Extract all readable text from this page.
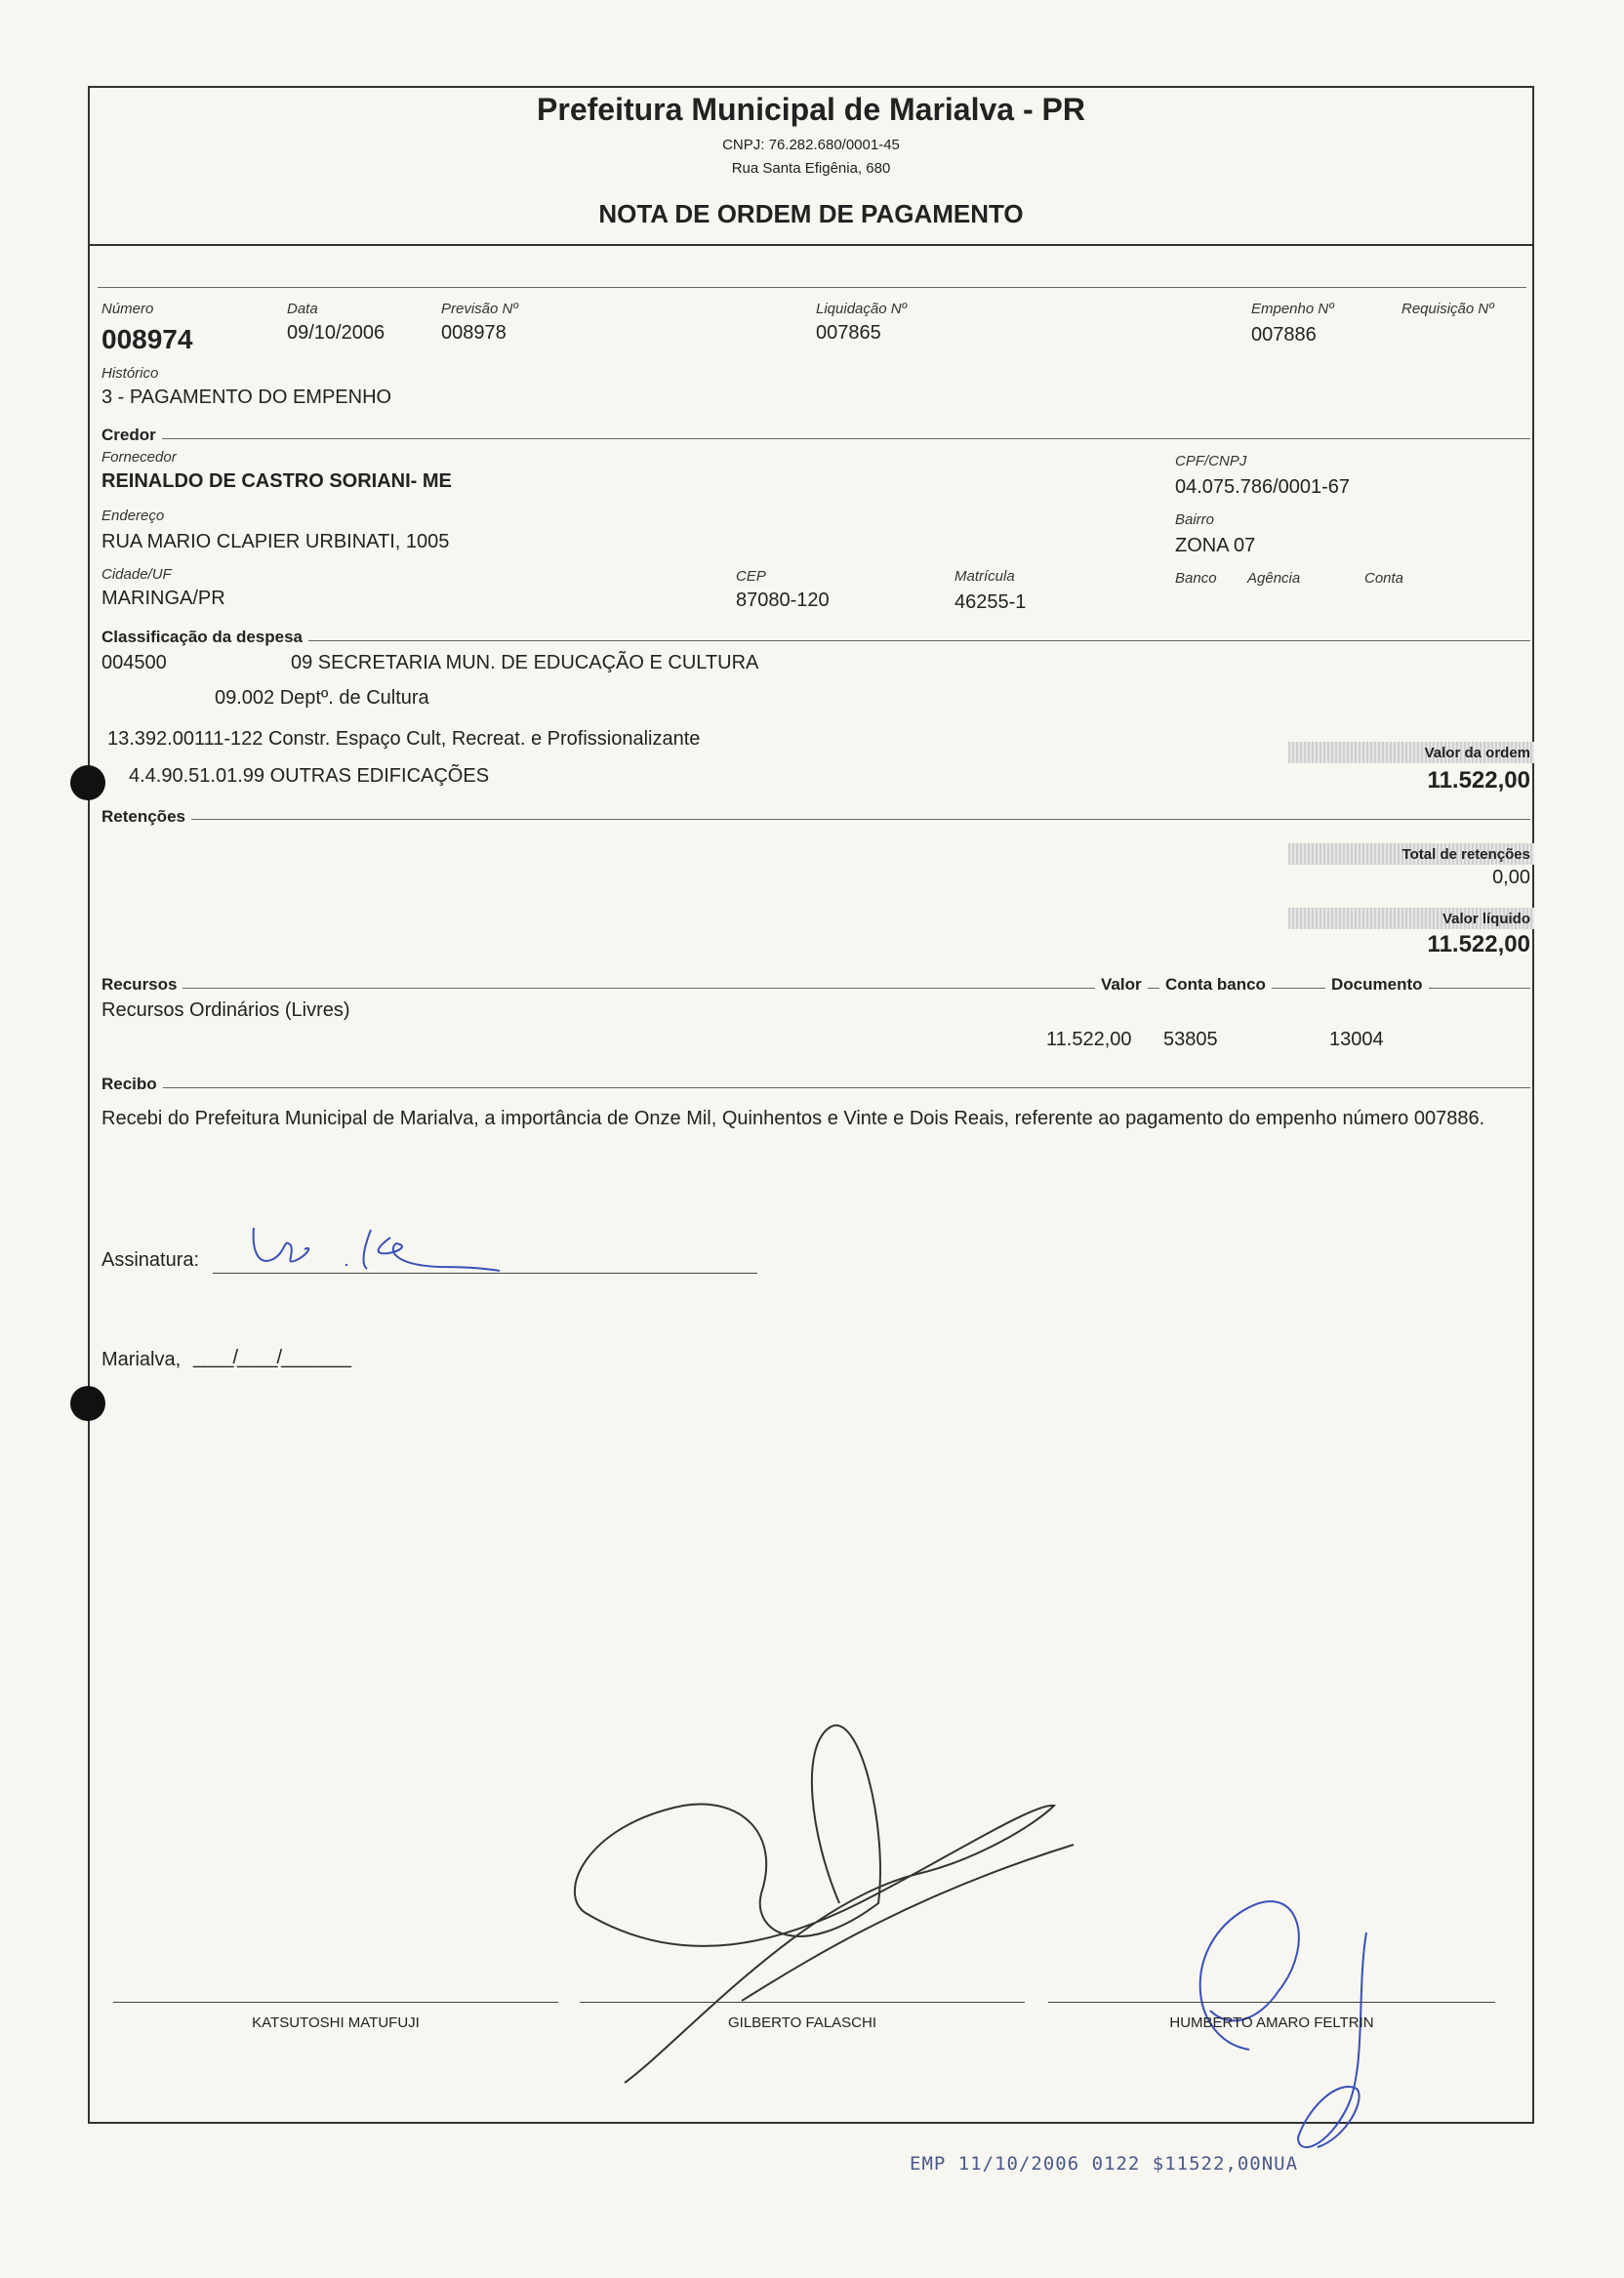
Prefeitura Municipal de Marialva - PR
CNPJ: 76.282.680/0001-45
Rua Santa Efigênia, 680
NOTA DE ORDEM DE PAGAMENTO
Número
008974
Data
09/10/2006
Previsão Nº
008978
Liquidação Nº
007865
Empenho Nº
007886
Requisição Nº
Histórico
3 - PAGAMENTO DO EMPENHO
Credor
Fornecedor
REINALDO DE CASTRO SORIANI- ME
CPF/CNPJ
04.075.786/0001-67
Endereço
RUA MARIO CLAPIER URBINATI, 1005
Bairro
ZONA 07
Cidade/UF
MARINGA/PR
CEP
87080-120
Matrícula
46255-1
Banco Agência	Conta
Classificação da despesa
004500	09 SECRETARIA MUN. DE EDUCAÇÃO E CULTURA
09.002 Deptº. de Cultura
13.392.00111-122 Constr. Espaço Cult, Recreat. e Profissionalizante
4.4.90.51.01.99 OUTRAS EDIFICAÇÕES
Valor da ordem
11.522,00
Retenções
Total de retenções
0,00
Valor líquido
11.522,00
Recursos	Valor	Conta banco	Documento
Recursos Ordinários (Livres)
11.522,00 53805	13004
Recibo
Recebi do Prefeitura Municipal de Marialva, a importância de Onze Mil, Quinhentos e Vinte e Dois Reais, referente ao pagamento do empenho número 007886.
Assinatura:
Marialva, ____/____/_______
KATSUTOSHI MATUFUJI	GILBERTO FALASCHI	HUMBERTO AMARO FELTRIN
EMP 11/10/2006 0122 $11522,00NUA
